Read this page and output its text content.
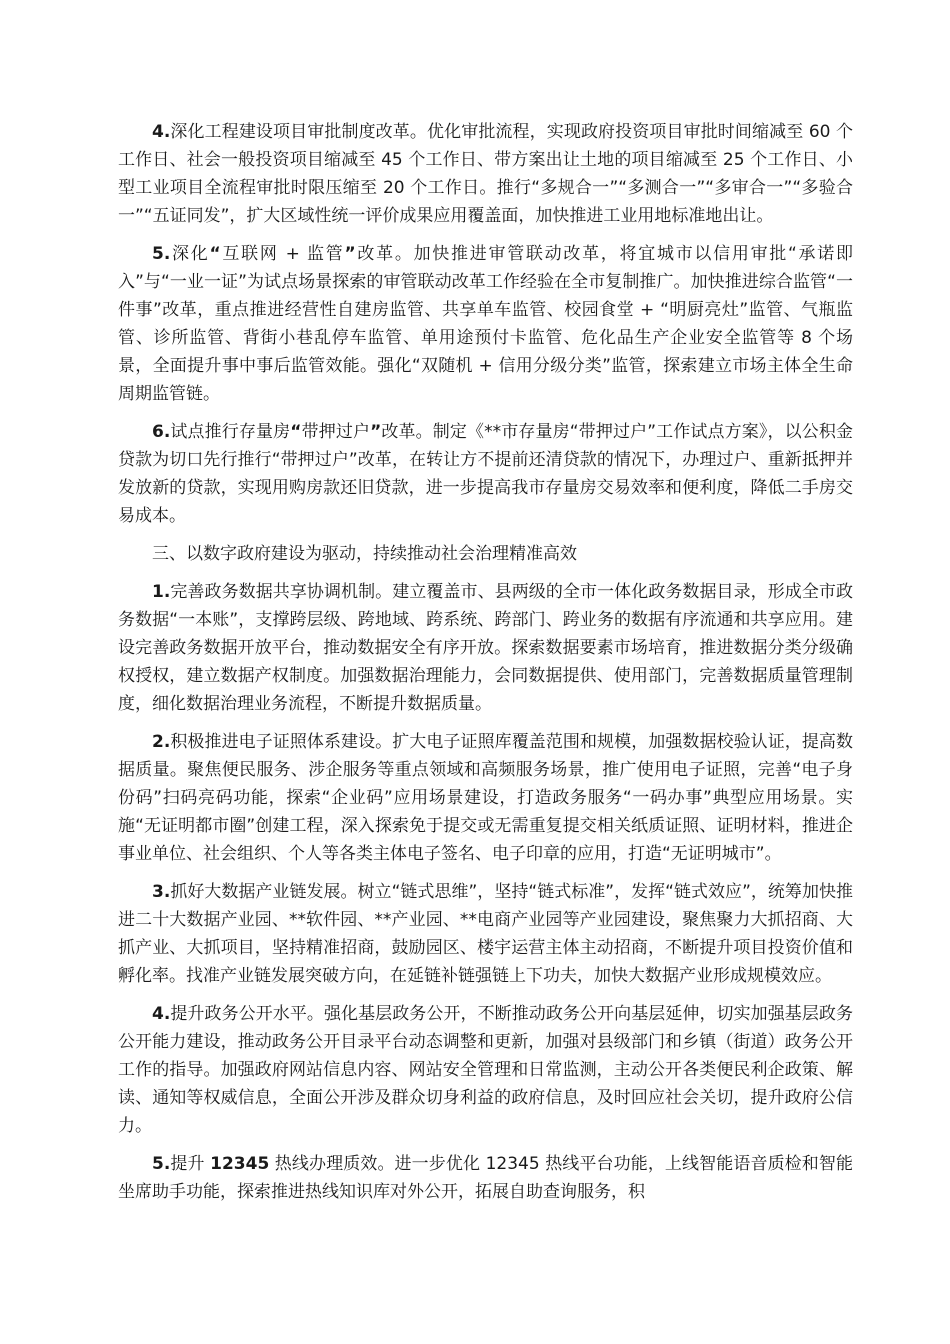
4.深化工程建设项目审批制度改革。优化审批流程，实现政府投资项目审批时间缩减至 60 个工作日、社会一般投资项目缩减至 45 个工作日、带方案出让土地的项目缩减至 25 个工作日、小型工业项目全流程审批时限压缩至 20 个工作日。推行“多规合一”“多测合一”“多审合一”“多验合一”“五证同发”，扩大区域性统一评价成果应用覆盖面，加快推进工业用地标准地出让。

5.深化“互联网 + 监管”改革。加快推进审管联动改革，将宜城市以信用审批“承诺即入”与“一业一证”为试点场景探索的审管联动改革工作经验在全市复制推广。加快推进综合监管“一件事”改革，重点推进经营性自建房监管、共享单车监管、校园食堂 + “明厨亮灶”监管、气瓶监管、诊所监管、背街小巷乱停车监管、单用途预付卡监管、危化品生产企业安全监管等 8 个场景，全面提升事中事后监管效能。强化“双随机 + 信用分级分类”监管，探索建立市场主体全生命周期监管链。

6.试点推行存量房“带押过户”改革。制定《**市存量房“带押过户”工作试点方案》，以公积金贷款为切口先行推行“带押过户”改革，在转让方不提前还清贷款的情况下，办理过户、重新抵押并发放新的贷款，实现用购房款还旧贷款，进一步提高我市存量房交易效率和便利度，降低二手房交易成本。

三、以数字政府建设为驱动，持续推动社会治理精准高效

1.完善政务数据共享协调机制。建立覆盖市、县两级的全市一体化政务数据目录，形成全市政务数据“一本账”，支撑跨层级、跨地域、跨系统、跨部门、跨业务的数据有序流通和共享应用。建设完善政务数据开放平台，推动数据安全有序开放。探索数据要素市场培育，推进数据分类分级确权授权，建立数据产权制度。加强数据治理能力，会同数据提供、使用部门，完善数据质量管理制度，细化数据治理业务流程，不断提升数据质量。

2.积极推进电子证照体系建设。扩大电子证照库覆盖范围和规模，加强数据校验认证，提高数据质量。聚焦便民服务、涉企服务等重点领域和高频服务场景，推广使用电子证照，完善“电子身份码”扫码亮码功能，探索“企业码”应用场景建设，打造政务服务“一码办事”典型应用场景。实施“无证明都市圈”创建工程，深入探索免于提交或无需重复提交相关纸质证照、证明材料，推进企事业单位、社会组织、个人等各类主体电子签名、电子印章的应用，打造“无证明城市”。

3.抓好大数据产业链发展。树立“链式思维”，坚持“链式标准”，发挥“链式效应”，统筹加快推进二十大数据产业园、**软件园、**产业园、**电商产业园等产业园建设，聚焦聚力大抓招商、大抓产业、大抓项目，坚持精准招商，鼓励园区、楼宇运营主体主动招商，不断提升项目投资价值和孵化率。找准产业链发展突破方向，在延链补链强链上下功夫，加快大数据产业形成规模效应。

4.提升政务公开水平。强化基层政务公开，不断推动政务公开向基层延伸，切实加强基层政务公开能力建设，推动政务公开目录平台动态调整和更新，加强对县级部门和乡镇（街道）政务公开工作的指导。加强政府网站信息内容、网站安全管理和日常监测，主动公开各类便民利企政策、解读、通知等权威信息，全面公开涉及群众切身利益的政府信息，及时回应社会关切，提升政府公信力。

5.提升 12345 热线办理质效。进一步优化 12345 热线平台功能，上线智能语音质检和智能坐席助手功能，探索推进热线知识库对外公开，拓展自助查询服务，积
